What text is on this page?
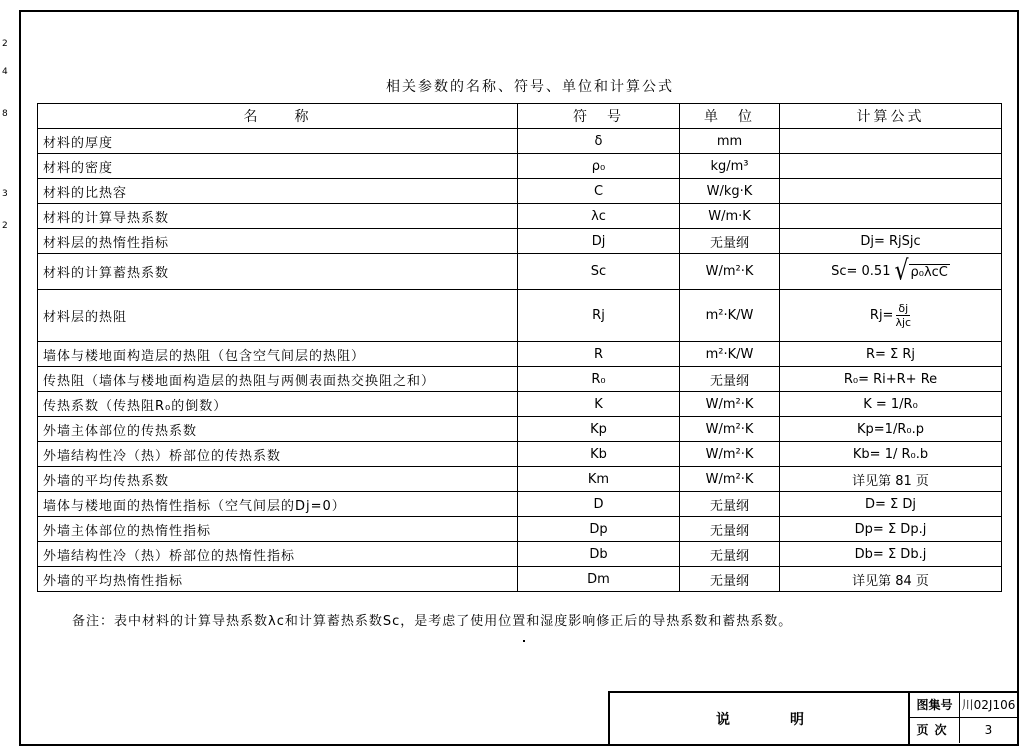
2
4
8
3
2
相关参数的名称、符号、单位和计算公式
名　　称	符　号	单　位	计算公式
材料的厚度	δ	mm	
材料的密度	ρ₀	kg/m³	
材料的比热容	C	W/kg·K	
材料的计算导热系数	λc	W/m·K	
材料层的热惰性指标	Dj	无量纲	Dj= RjSjc
材料的计算蓄热系数	Sc	W/m²·K	Sc= 0.51 √ ρ₀λcC

材料层的热阻	Rj	m²·K/W	$Rj= \frac{\delta j}{\text{λjc}}$

墙体与楼地面构造层的热阻（包含空气间层的热阻）	R	m²·K/W	R= Σ Rj
传热阻（墙体与楼地面构造层的热阻与两侧表面热交换阻之和）	R₀	无量纲	R₀= Ri+R+ Re
传热系数（传热阻R₀的倒数）	K	W/m²·K	K = 1/R₀
外墙主体部位的传热系数	Kp	W/m²·K	Kp=1/R₀.p
外墙结构性冷（热）桥部位的传热系数	Kb	W/m²·K	Kb= 1/ R₀.b
外墙的平均传热系数	Km	W/m²·K	详见第 81 页
墙体与楼地面的热惰性指标（空气间层的Dj=0）	D	无量纲	D= Σ Dj
外墙主体部位的热惰性指标	Dp	无量纲	Dp= Σ Dp.j
外墙结构性冷（热）桥部位的热惰性指标	Db	无量纲	Db= Σ Db.j
外墙的平均热惰性指标	Dm	无量纲	详见第 84 页
备注：表中材料的计算导热系数λc和计算蓄热系数Sc，是考虑了使用位置和湿度影响修正后的导热系数和蓄热系数。
说明
图集号 川02J106
页次	3
